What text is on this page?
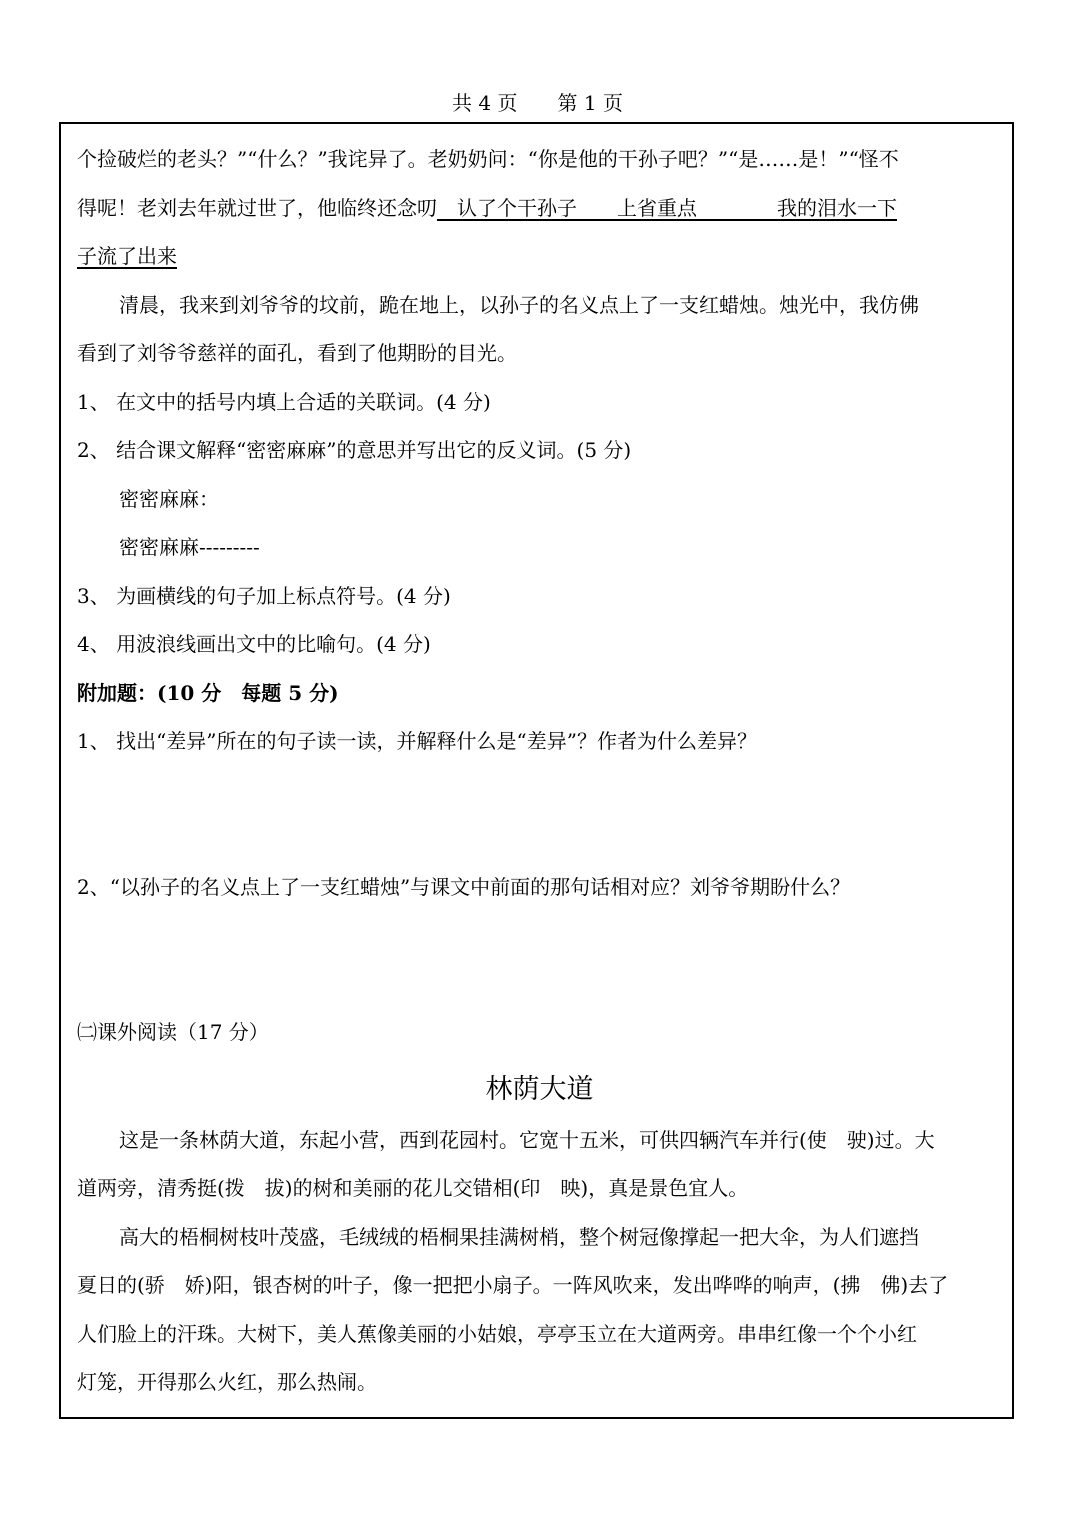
共 4 页 第 1 页
个捡破烂的老头？”“什么？”我诧异了。老奶奶问：“你是他的干孙子吧？”“是……是！”“怪不
得呢！老刘去年就过世了，他临终还念叨　认了个干孙子　　上省重点　　　　我的泪水一下
子流了出来
清晨，我来到刘爷爷的坟前，跪在地上，以孙子的名义点上了一支红蜡烛。烛光中，我仿佛
看到了刘爷爷慈祥的面孔，看到了他期盼的目光。
1、 在文中的括号内填上合适的关联词。(4 分)
2、 结合课文解释“密密麻麻”的意思并写出它的反义词。(5 分)
密密麻麻：
密密麻麻---------
3、 为画横线的句子加上标点符号。(4 分)
4、 用波浪线画出文中的比喻句。(4 分)
附加题：(10 分　每题 5 分)
1、 找出“差异”所在的句子读一读，并解释什么是“差异”？作者为什么差异？
2、“以孙子的名义点上了一支红蜡烛”与课文中前面的那句话相对应？刘爷爷期盼什么？
㈡课外阅读（17 分）
林荫大道
这是一条林荫大道，东起小营，西到花园村。它宽十五米，可供四辆汽车并行(使　驶)过。大
道两旁，清秀挺(拨　拔)的树和美丽的花儿交错相(印　映)，真是景色宜人。
高大的梧桐树枝叶茂盛，毛绒绒的梧桐果挂满树梢，整个树冠像撑起一把大伞，为人们遮挡
夏日的(骄　娇)阳，银杏树的叶子，像一把把小扇子。一阵风吹来，发出哗哗的响声，(拂　佛)去了
人们脸上的汗珠。大树下，美人蕉像美丽的小姑娘，亭亭玉立在大道两旁。串串红像一个个小红
灯笼，开得那么火红，那么热闹。
